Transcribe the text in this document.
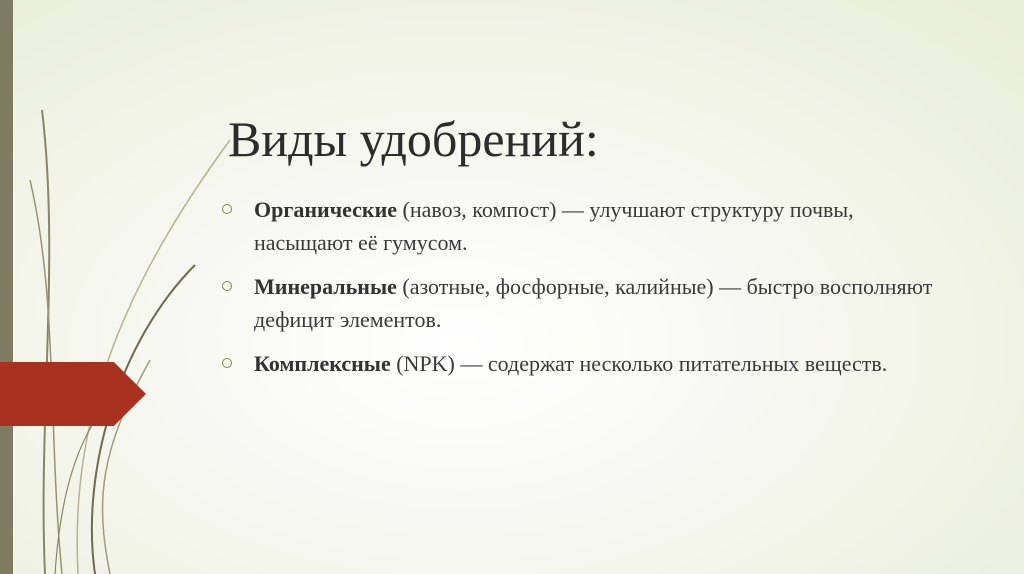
Виды удобрений:
Органические (навоз, компост) — улучшают структуру почвы, насыщают её гумусом.
Минеральные (азотные, фосфорные, калийные) — быстро восполняют дефицит элементов.
Комплексные (NPK) — содержат несколько питательных веществ.
